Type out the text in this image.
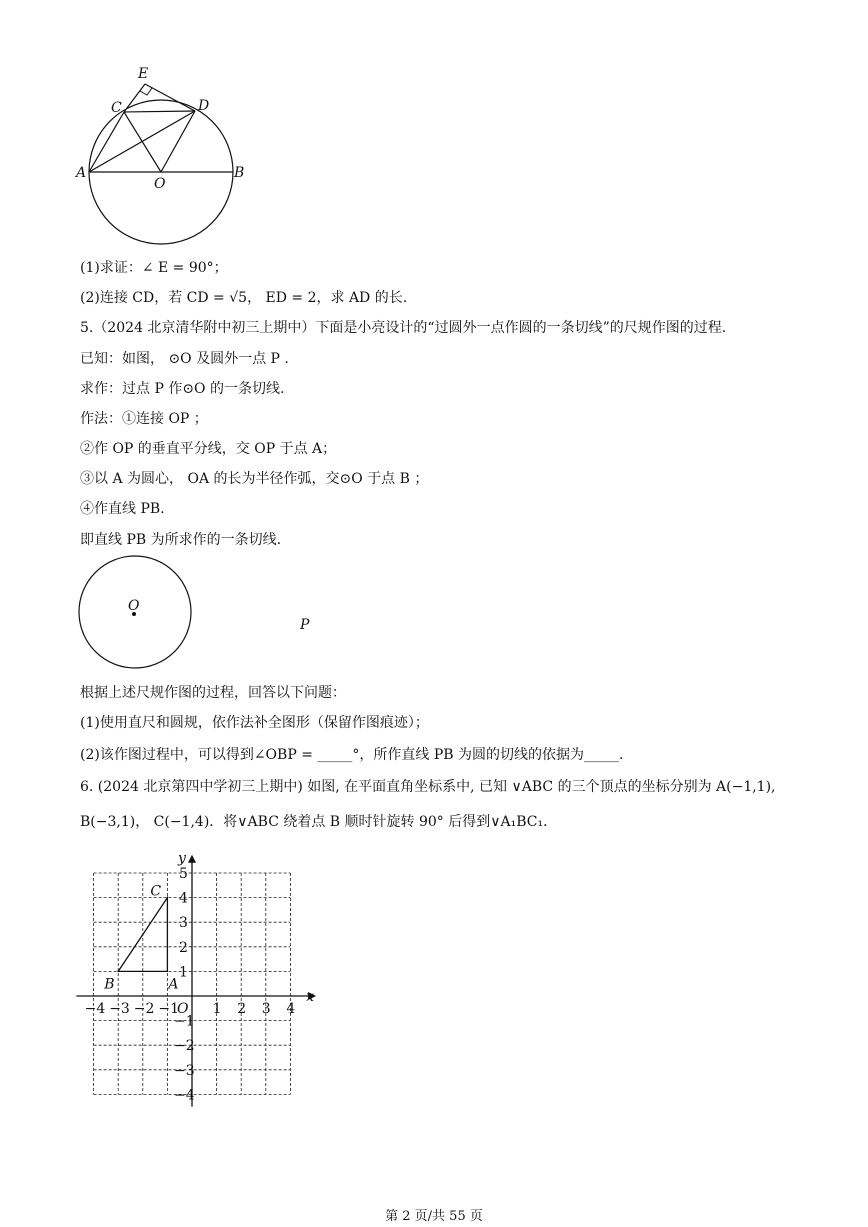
E
C	D
A
O
B
(1)求证：∠ E = 90°；
(2)连接 CD，若 CD = √5， ED = 2，求 AD 的长.
5.（2024 北京清华附中初三上期中）下面是小亮设计的“过圆外一点作圆的一条切线”的尺规作图的过程.
已知：如图， ⊙O 及圆外一点 P .
求作：过点 P 作⊙O 的一条切线.
作法：①连接 OP ；
②作 OP 的垂直平分线，交 OP 于点 A；
③以 A 为圆心， OA 的长为半径作弧，交⊙O 于点 B ；
④作直线 PB.
即直线 PB 为所求作的一条切线.
O
P
根据上述尺规作图的过程，回答以下问题：
(1)使用直尺和圆规，依作法补全图形（保留作图痕迹）；
(2)该作图过程中，可以得到∠OBP = _____°，所作直线 PB 为圆的切线的依据为_____.
6. (2024 北京第四中学初三上期中) 如图, 在平面直角坐标系中, 已知 ∨ABC 的三个顶点的坐标分别为 A(−1,1),
B(−3,1)， C(−1,4)．将∨ABC 绕着点 B 顺时针旋转 90° 后得到∨A₁BC₁．
x
y
O
−4 −3 −2 −1 1 2 3 4
1
2
3
4
5
−1
−2
−3
−4
A
B
C
第 2 页/共 55 页
